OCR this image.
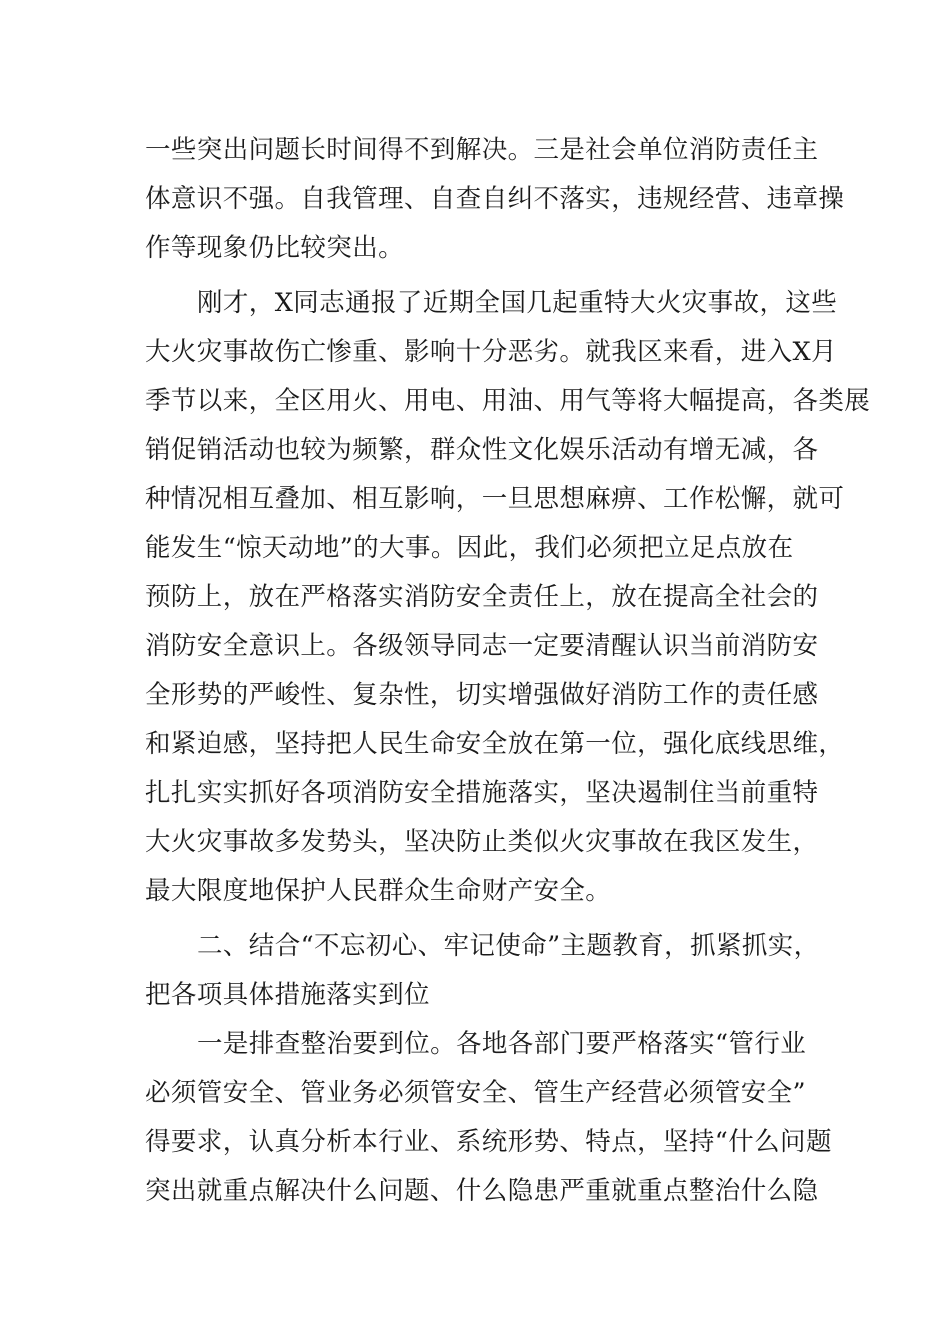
一些突出问题长时间得不到解决。三是社会单位消防责任主
体意识不强。自我管理、自查自纠不落实，违规经营、违章操
作等现象仍比较突出。
刚才，X同志通报了近期全国几起重特大火灾事故，这些
大火灾事故伤亡惨重、影响十分恶劣。就我区来看，进入X月
季节以来，全区用火、用电、用油、用气等将大幅提高，各类展
销促销活动也较为频繁，群众性文化娱乐活动有增无减，各
种情况相互叠加、相互影响，一旦思想麻痹、工作松懈，就可
能发生“惊天动地”的大事。因此，我们必须把立足点放在
预防上，放在严格落实消防安全责任上，放在提高全社会的
消防安全意识上。各级领导同志一定要清醒认识当前消防安
全形势的严峻性、复杂性，切实增强做好消防工作的责任感
和紧迫感，坚持把人民生命安全放在第一位，强化底线思维，
扎扎实实抓好各项消防安全措施落实，坚决遏制住当前重特
大火灾事故多发势头，坚决防止类似火灾事故在我区发生，
最大限度地保护人民群众生命财产安全。
二、结合“不忘初心、牢记使命”主题教育，抓紧抓实，
把各项具体措施落实到位
一是排查整治要到位。各地各部门要严格落实“管行业
必须管安全、管业务必须管安全、管生产经营必须管安全”
得要求，认真分析本行业、系统形势、特点，坚持“什么问题
突出就重点解决什么问题、什么隐患严重就重点整治什么隐
